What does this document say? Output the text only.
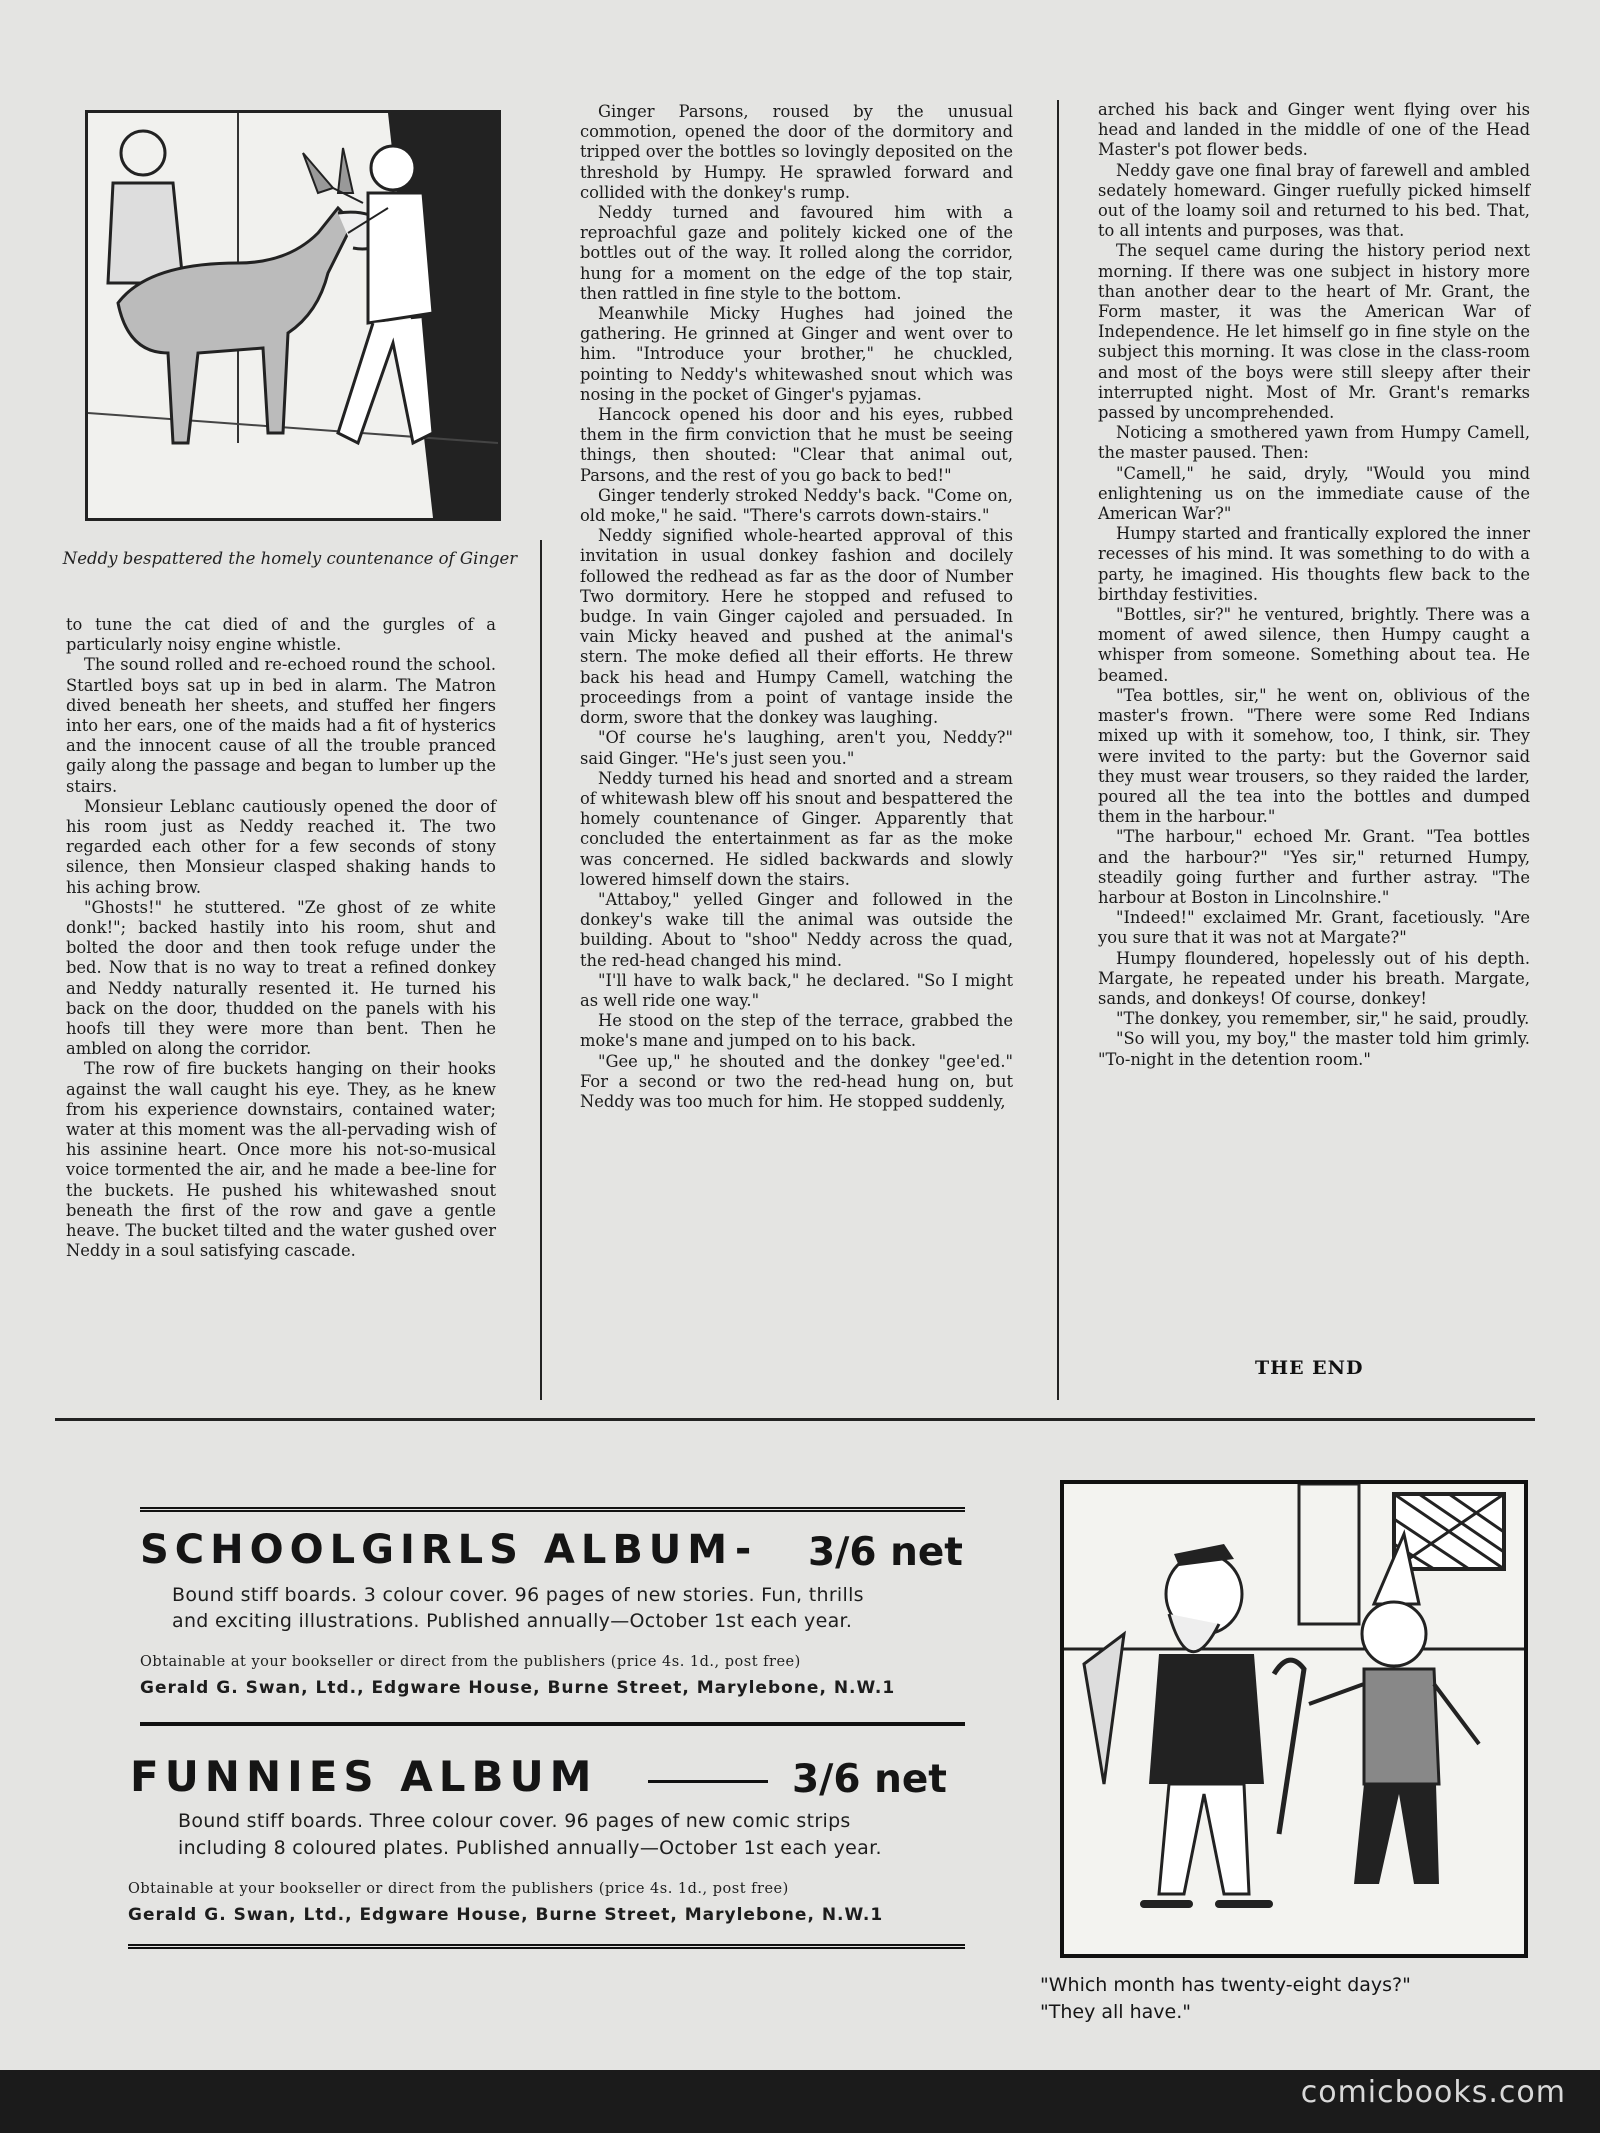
Neddy bespattered the homely countenance of Ginger

to tune the cat died of and the gurgles of a particularly noisy engine whistle.

The sound rolled and re-echoed round the school. Startled boys sat up in bed in alarm. The Matron dived beneath her sheets, and stuffed her fingers into her ears, one of the maids had a fit of hysterics and the innocent cause of all the trouble pranced gaily along the passage and began to lumber up the stairs.

Monsieur Leblanc cautiously opened the door of his room just as Neddy reached it. The two regarded each other for a few seconds of stony silence, then Monsieur clasped shaking hands to his aching brow.

"Ghosts!" he stuttered. "Ze ghost of ze white donk!"; backed hastily into his room, shut and bolted the door and then took refuge under the bed. Now that is no way to treat a refined donkey and Neddy naturally resented it. He turned his back on the door, thudded on the panels with his hoofs till they were more than bent. Then he ambled on along the corridor.

The row of fire buckets hanging on their hooks against the wall caught his eye. They, as he knew from his experience downstairs, contained water; water at this moment was the all-pervading wish of his assinine heart. Once more his not-so-musical voice tormented the air, and he made a bee-line for the buckets. He pushed his whitewashed snout beneath the first of the row and gave a gentle heave. The bucket tilted and the water gushed over Neddy in a soul satisfying cascade.

Ginger Parsons, roused by the unusual commotion, opened the door of the dormitory and tripped over the bottles so lovingly deposited on the threshold by Humpy. He sprawled forward and collided with the donkey's rump.

Neddy turned and favoured him with a reproachful gaze and politely kicked one of the bottles out of the way. It rolled along the corridor, hung for a moment on the edge of the top stair, then rattled in fine style to the bottom.

Meanwhile Micky Hughes had joined the gathering. He grinned at Ginger and went over to him. "Introduce your brother," he chuckled, pointing to Neddy's whitewashed snout which was nosing in the pocket of Ginger's pyjamas.

Hancock opened his door and his eyes, rubbed them in the firm conviction that he must be seeing things, then shouted: "Clear that animal out, Parsons, and the rest of you go back to bed!"

Ginger tenderly stroked Neddy's back. "Come on, old moke," he said. "There's carrots down-stairs."

Neddy signified whole-hearted approval of this invitation in usual donkey fashion and docilely followed the redhead as far as the door of Number Two dormitory. Here he stopped and refused to budge. In vain Ginger cajoled and persuaded. In vain Micky heaved and pushed at the animal's stern. The moke defied all their efforts. He threw back his head and Humpy Camell, watching the proceedings from a point of vantage inside the dorm, swore that the donkey was laughing.

"Of course he's laughing, aren't you, Neddy?" said Ginger. "He's just seen you."

Neddy turned his head and snorted and a stream of whitewash blew off his snout and bespattered the homely countenance of Ginger. Apparently that concluded the entertainment as far as the moke was concerned. He sidled backwards and slowly lowered himself down the stairs.

"Attaboy," yelled Ginger and followed in the donkey's wake till the animal was outside the building. About to "shoo" Neddy across the quad, the red-head changed his mind.

"I'll have to walk back," he declared. "So I might as well ride one way."

He stood on the step of the terrace, grabbed the moke's mane and jumped on to his back.

"Gee up," he shouted and the donkey "gee'ed." For a second or two the red-head hung on, but Neddy was too much for him. He stopped suddenly,

arched his back and Ginger went flying over his head and landed in the middle of one of the Head Master's pot flower beds.

Neddy gave one final bray of farewell and ambled sedately homeward. Ginger ruefully picked himself out of the loamy soil and returned to his bed. That, to all intents and purposes, was that.

The sequel came during the history period next morning. If there was one subject in history more than another dear to the heart of Mr. Grant, the Form master, it was the American War of Independence. He let himself go in fine style on the subject this morning. It was close in the class-room and most of the boys were still sleepy after their interrupted night. Most of Mr. Grant's remarks passed by uncomprehended.

Noticing a smothered yawn from Humpy Camell, the master paused. Then:

"Camell," he said, dryly, "Would you mind enlightening us on the immediate cause of the American War?"

Humpy started and frantically explored the inner recesses of his mind. It was something to do with a party, he imagined. His thoughts flew back to the birthday festivities.

"Bottles, sir?" he ventured, brightly. There was a moment of awed silence, then Humpy caught a whisper from someone. Something about tea. He beamed.

"Tea bottles, sir," he went on, oblivious of the master's frown. "There were some Red Indians mixed up with it somehow, too, I think, sir. They were invited to the party: but the Governor said they must wear trousers, so they raided the larder, poured all the tea into the bottles and dumped them in the harbour."

"The harbour," echoed Mr. Grant. "Tea bottles and the harbour?" "Yes sir," returned Humpy, steadily going further and further astray. "The harbour at Boston in Lincolnshire."

"Indeed!" exclaimed Mr. Grant, facetiously. "Are you sure that it was not at Margate?"

Humpy floundered, hopelessly out of his depth. Margate, he repeated under his breath. Margate, sands, and donkeys! Of course, donkey!

"The donkey, you remember, sir," he said, proudly.

"So will you, my boy," the master told him grimly. "To-night in the detention room."

THE END
SCHOOLGIRLS ALBUM - 3/6 net
Bound stiff boards. 3 colour cover. 96 pages of new stories. Fun, thrills
and exciting illustrations. Published annually—October 1st each year.
Obtainable at your bookseller or direct from the publishers (price 4s. 1d., post free)
Gerald G. Swan, Ltd., Edgware House, Burne Street, Marylebone, N.W.1
FUNNIES ALBUM	3/6 net
Bound stiff boards. Three colour cover. 96 pages of new comic strips
including 8 coloured plates. Published annually—October 1st each year.
Obtainable at your bookseller or direct from the publishers (price 4s. 1d., post free)
Gerald G. Swan, Ltd., Edgware House, Burne Street, Marylebone, N.W.1
"Which month has twenty-eight days?"
"They all have."
comicbooks.com
